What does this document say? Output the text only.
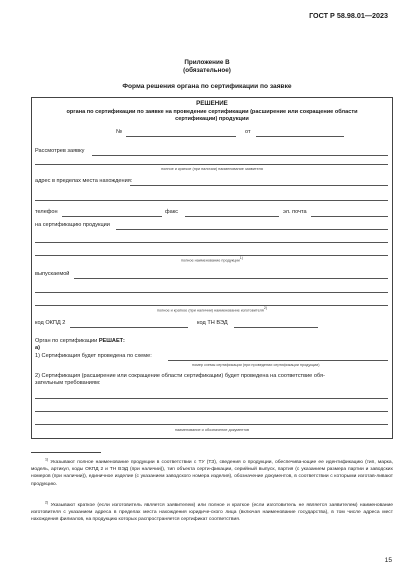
ГОСТ Р 58.98.01—2023
Приложение В
(обязательное)
Форма решения органа по сертификации по заявке
РЕШЕНИЕ
органа по сертификации по заявке на проведение сертификации (расширение или сокращение области
сертификации) продукции
№	от
Рассмотрев заявку
полное и краткое (при наличии) наименование заявителя
адрес в пределах места нахождения:
телефон	факс	эл. почта
на сертификацию продукции
полное наименование продукции$^{1)}$
выпускаемой
полное и краткое (при наличии) наименование изготовителя$^{2)}$
код ОКПД 2	код ТН ВЭД
Орган по сертификации РЕШАЕТ:
а)
1) Сертификация будет проведена по схеме:
номер схемы сертификации (при проведении сертификации продукции)
2) Сертификация (расширение или сокращение области сертификации) будет проведена на соответствие обя-
зательным требованиям:
наименование и обозначение документов
$^{1)}$ Указывают полное наименование продукции в соответствии с ТУ (ТЗ), сведения о продукции, обеспечива-ющие ее идентификацию (тип, марка, модель, артикул, коды ОКПД 2 и ТН ВЭД (при наличии)), тип объекта серти-фикации, серийный выпуск, партия (с указанием размера партии и заводских номеров (при наличии)), единичное изделие (с указанием заводского номера изделия), обозначение документов, в соответствии с которыми изготав-ливают продукцию.
$^{2)}$ Указывают краткое (если изготовитель является заявителем) или полное и краткое (если изготовитель не является заявителем) наименование изготовителя с указанием адреса в пределах места нахождения юридиче-ского лица (включая наименование государства), в том числе адреса мест нахождения филиалов, на продукцию которых распространяется сертификат соответствия.
15
